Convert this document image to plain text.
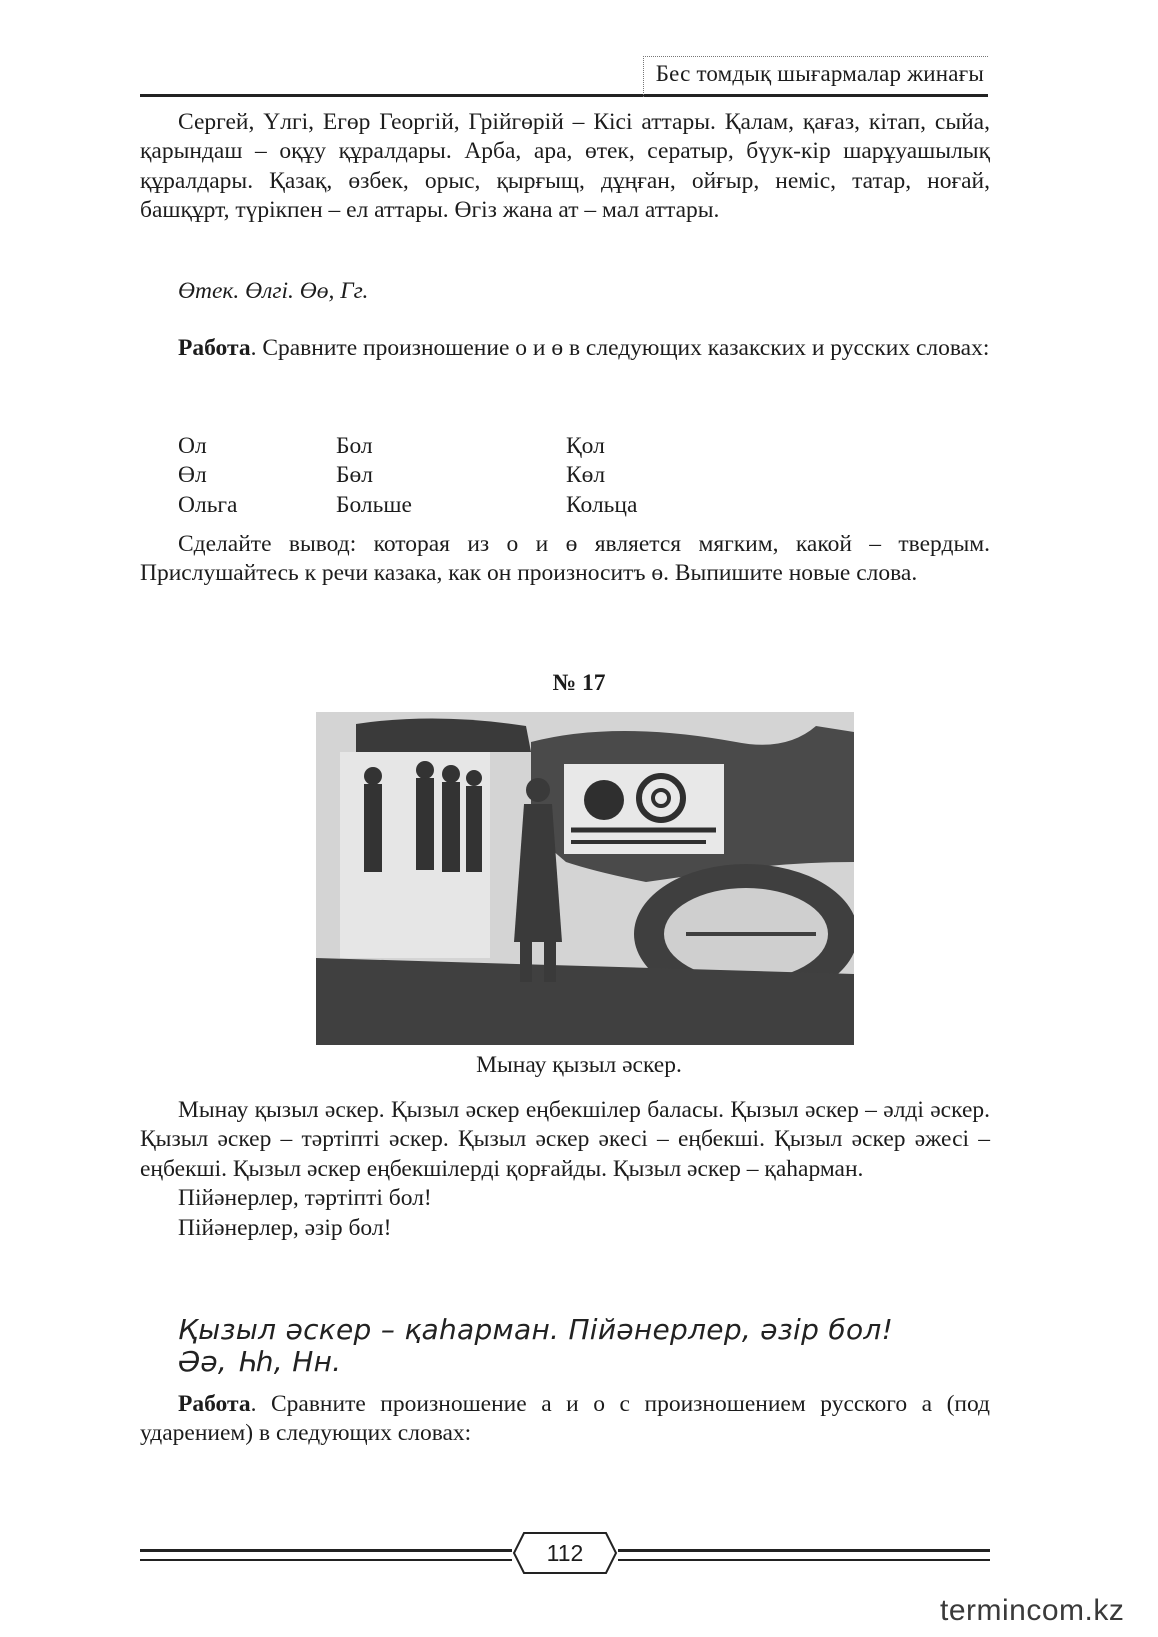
Бес томдық шығармалар жинағы

Сергей, Үлгі, Егөр Георгій, Грійгөрій – Кісі аттары. Қалам, қағаз, кітап, сыйа, қарындаш – оқұу құралдары. Арба, ара, өтек, сератыр, бүук-кір шарұуашылық құралдары. Қазақ, өзбек, орыс, қырғыщ, дұңған, ойғыр, неміс, татар, ноғай, башқұрт, түрікпен – ел аттары. Өгіз жана ат – мал аттары.

Өтек. Өлгі. Өө, Гг.

Работа. Сравните произношение о и ө в следующих казакских и русских словах:

Ол	Бол	Қол
Өл	Бөл	Көл
Ольга	Больше	Кольца

Сделайте вывод: которая из о и ө является мягким, какой – твердым. Прислушайтесь к речи казака, как он произноситъ ө. Выпишите новые слова.

№ 17
Мынау қызыл әскер.

Мынау қызыл әскер. Қызыл әскер еңбекшілер баласы. Қызыл әскер – әлді әскер. Қызыл әскер – тәртіпті әскер. Қызыл әскер әкесі – еңбекші. Қызыл әскер әжесі – еңбекші. Қызыл әскер еңбекшілерді қорғайды. Қызыл әскер – қаһарман.

Пійәнерлер, тәртіпті бол!

Пійәнерлер, әзір бол!

Қызыл әскер – қаһарман. Пійәнерлер, әзір бол!
Әә, Һһ, Нн.

Работа. Сравните произношение а и о с произношением русского а (под ударением) в следующих словах:

112
termincom.kz
